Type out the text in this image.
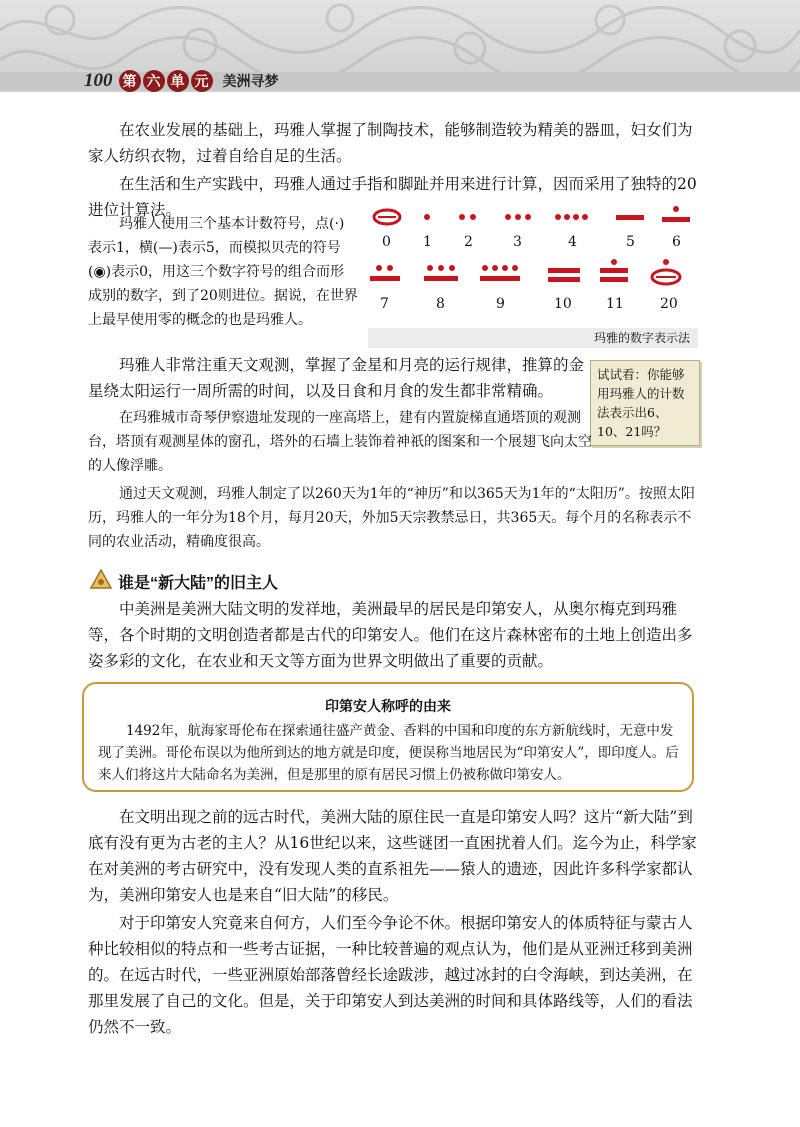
100 第 六 单 元 美洲寻梦

在农业发展的基础上，玛雅人掌握了制陶技术，能够制造较为精美的器皿，妇女们为家人纺织衣物，过着自给自足的生活。

在生活和生产实践中，玛雅人通过手指和脚趾并用来进行计算，因而采用了独特的20进位计算法。

玛雅人使用三个基本计数符号，点(·)表示1，横(—)表示5，而模拟贝壳的符号(◉)表示0，用这三个数字符号的组合而形成别的数字，到了20则进位。据说，在世界上最早使用零的概念的也是玛雅人。

0 1 2	3	4	5	6
7	8	9	10 11	20
玛雅的数字表示法
试试看：你能够用玛雅人的计数法表示出6、10、21吗？

玛雅人非常注重天文观测，掌握了金星和月亮的运行规律，推算的金星绕太阳运行一周所需的时间，以及日食和月食的发生都非常精确。

在玛雅城市奇琴伊察遗址发现的一座高塔上，建有内置旋梯直通塔顶的观测台，塔顶有观测星体的窗孔，塔外的石墙上装饰着神祇的图案和一个展翅飞向太空的人像浮雕。

通过天文观测，玛雅人制定了以260天为1年的“神历”和以365天为1年的“太阳历”。按照太阳历，玛雅人的一年分为18个月，每月20天，外加5天宗教禁忌日，共365天。每个月的名称表示不同的农业活动，精确度很高。

谁是“新大陆”的旧主人

中美洲是美洲大陆文明的发祥地，美洲最早的居民是印第安人，从奥尔梅克到玛雅等，各个时期的文明创造者都是古代的印第安人。他们在这片森林密布的土地上创造出多姿多彩的文化，在农业和天文等方面为世界文明做出了重要的贡献。

印第安人称呼的由来
1492年，航海家哥伦布在探索通往盛产黄金、香料的中国和印度的东方新航线时，无意中发现了美洲。哥伦布误以为他所到达的地方就是印度，便误称当地居民为“印第安人”，即印度人。后来人们将这片大陆命名为美洲，但是那里的原有居民习惯上仍被称做印第安人。

在文明出现之前的远古时代，美洲大陆的原住民一直是印第安人吗？这片“新大陆”到底有没有更为古老的主人？从16世纪以来，这些谜团一直困扰着人们。迄今为止，科学家在对美洲的考古研究中，没有发现人类的直系祖先——猿人的遗迹，因此许多科学家都认为，美洲印第安人也是来自“旧大陆”的移民。

对于印第安人究竟来自何方，人们至今争论不休。根据印第安人的体质特征与蒙古人种比较相似的特点和一些考古证据，一种比较普遍的观点认为，他们是从亚洲迁移到美洲的。在远古时代，一些亚洲原始部落曾经长途跋涉，越过冰封的白令海峡，到达美洲，在那里发展了自己的文化。但是，关于印第安人到达美洲的时间和具体路线等，人们的看法仍然不一致。
